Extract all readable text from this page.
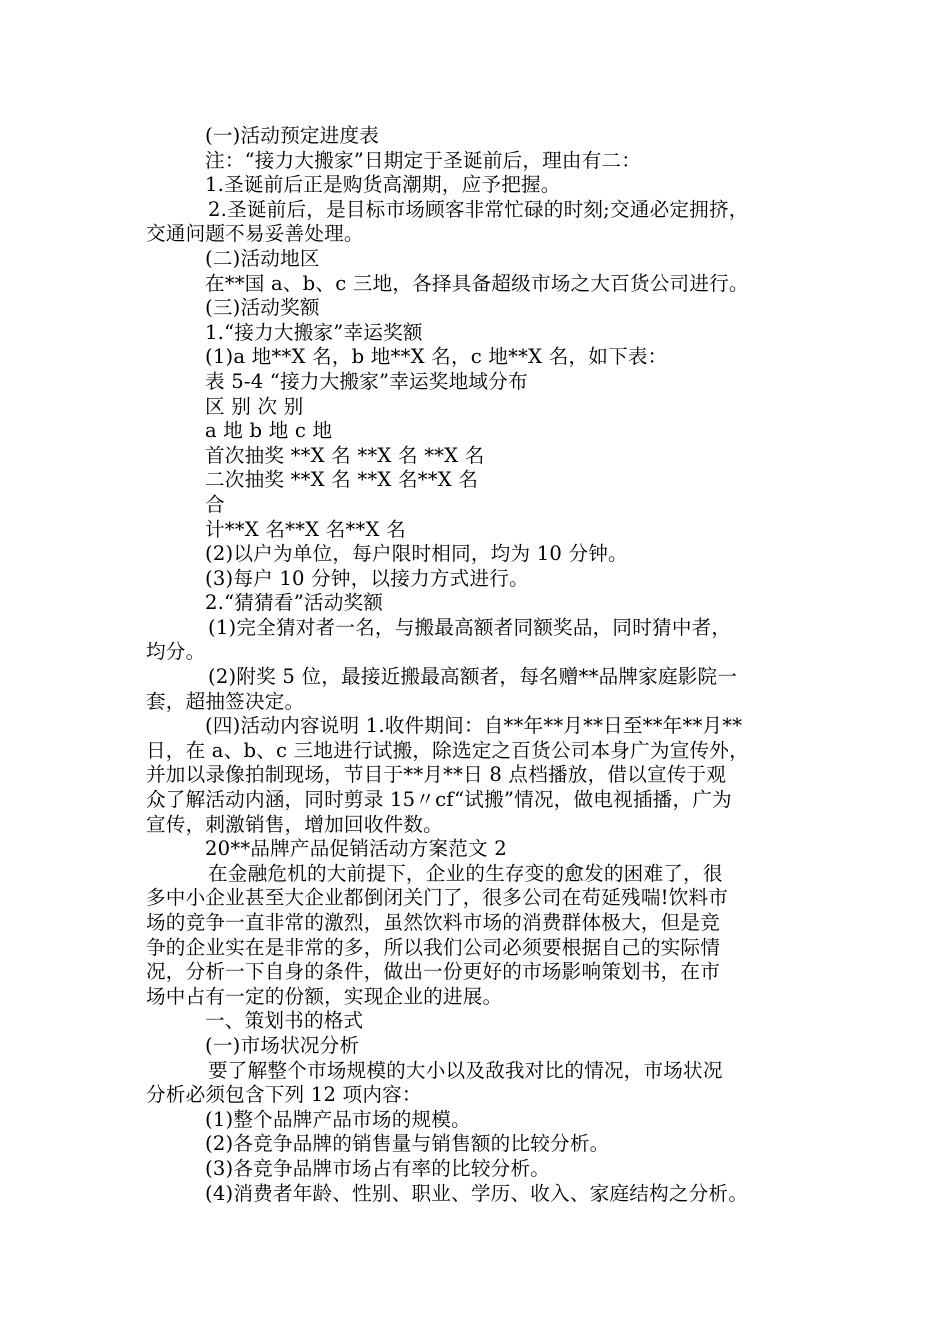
(一)活动预定进度表
注：“接力大搬家”日期定于圣诞前后，理由有二：
1.圣诞前后正是购货高潮期，应予把握。
2.圣诞前后，是目标市场顾客非常忙碌的时刻;交通必定拥挤，
交通问题不易妥善处理。
(二)活动地区
在**国 a、b、c 三地，各择具备超级市场之大百货公司进行。
(三)活动奖额
1.“接力大搬家”幸运奖额
(1)a 地**X 名，b 地**X 名，c 地**X 名，如下表：
表 5-4 “接力大搬家”幸运奖地域分布
区 别 次 别
a 地 b 地 c 地
首次抽奖 **X 名 **X 名 **X 名
二次抽奖 **X 名 **X 名**X 名
合
计**X 名**X 名**X 名
(2)以户为单位，每户限时相同，均为 10 分钟。
(3)每户 10 分钟，以接力方式进行。
2.“猜猜看”活动奖额
(1)完全猜对者一名，与搬最高额者同额奖品，同时猜中者，
均分。
(2)附奖 5 位，最接近搬最高额者，每名赠**品牌家庭影院一
套，超抽签决定。
(四)活动内容说明 1.收件期间：自**年**月**日至**年**月**
日，在 a、b、c 三地进行试搬，除选定之百货公司本身广为宣传外，
并加以录像拍制现场，节目于**月**日 8 点档播放，借以宣传于观
众了解活动内涵，同时剪录 15〃cf“试搬”情况，做电视插播，广为
宣传，刺激销售，增加回收件数。
20**品牌产品促销活动方案范文 2
在金融危机的大前提下，企业的生存变的愈发的困难了，很
多中小企业甚至大企业都倒闭关门了，很多公司在苟延残喘!饮料市
场的竞争一直非常的激烈，虽然饮料市场的消费群体极大，但是竞
争的企业实在是非常的多，所以我们公司必须要根据自己的实际情
况，分析一下自身的条件，做出一份更好的市场影响策划书，在市
场中占有一定的份额，实现企业的进展。
一、策划书的格式
(一)市场状况分析
要了解整个市场规模的大小以及敌我对比的情况，市场状况
分析必须包含下列 12 项内容：
(1)整个品牌产品市场的规模。
(2)各竞争品牌的销售量与销售额的比较分析。
(3)各竞争品牌市场占有率的比较分析。
(4)消费者年龄、性别、职业、学历、收入、家庭结构之分析。
